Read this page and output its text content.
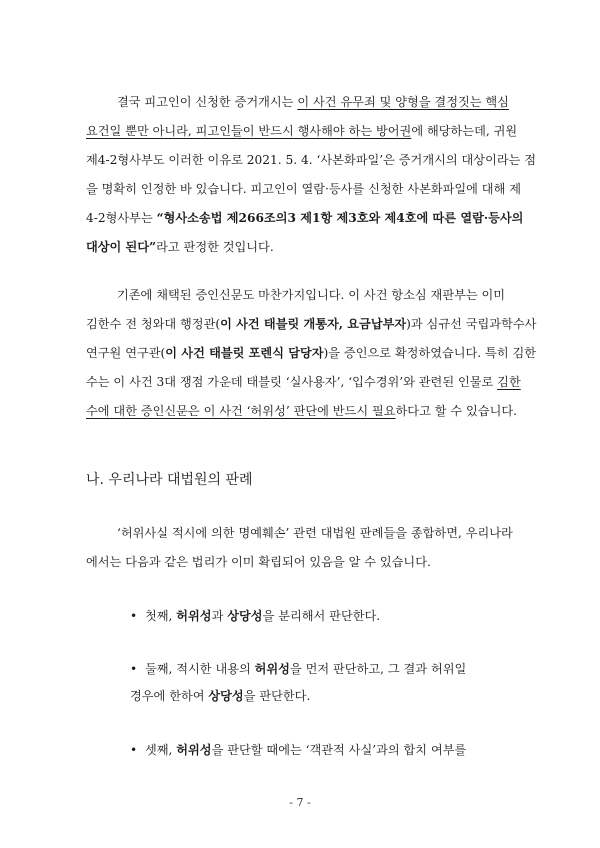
결국 피고인이 신청한 증거개시는 이 사건 유무죄 및 양형을 결정짓는 핵심
요건일 뿐만 아니라, 피고인들이 반드시 행사해야 하는 방어권에 해당하는데, 귀원
제4-2형사부도 이러한 이유로 2021. 5. 4. ‘사본화파일’은 증거개시의 대상이라는 점
을 명확히 인정한 바 있습니다. 피고인이 열람·등사를 신청한 사본화파일에 대해 제
4-2형사부는 “형사소송법 제266조의3 제1항 제3호와 제4호에 따른 열람·등사의
대상이 된다”라고 판정한 것입니다.
기존에 채택된 증인신문도 마찬가지입니다. 이 사건 항소심 재판부는 이미
김한수 전 청와대 행정관(이 사건 태블릿 개통자, 요금납부자)과 심규선 국립과학수사
연구원 연구관(이 사건 태블릿 포렌식 담당자)을 증인으로 확정하였습니다. 특히 김한
수는 이 사건 3대 쟁점 가운데 태블릿 ‘실사용자’, ‘입수경위’와 관련된 인물로 김한
수에 대한 증인신문은 이 사건 ‘허위성’ 판단에 반드시 필요하다고 할 수 있습니다.
나. 우리나라 대법원의 판례
‘허위사실 적시에 의한 명예훼손’ 관련 대법원 판례들을 종합하면, 우리나라
에서는 다음과 같은 법리가 이미 확립되어 있음을 알 수 있습니다.
• 첫째, 허위성과 상당성을 분리해서 판단한다.
• 둘째, 적시한 내용의 허위성을 먼저 판단하고, 그 결과 허위일
경우에 한하여 상당성을 판단한다.
• 셋째, 허위성을 판단할 때에는 ‘객관적 사실’과의 합치 여부를
- 7 -
